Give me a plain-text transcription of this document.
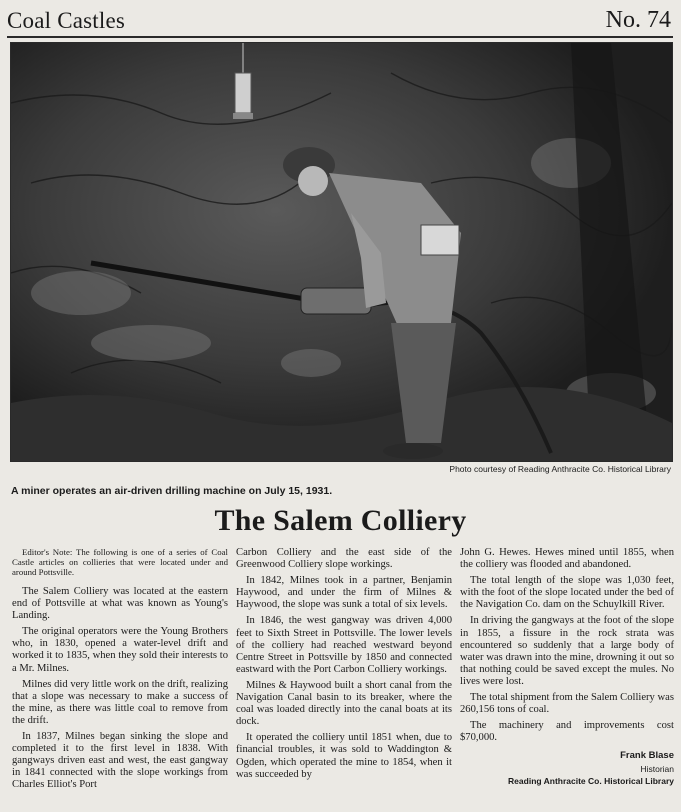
Coal Castles	No. 74
Photo courtesy of Reading Anthracite Co. Historical Library
A miner operates an air-driven drilling machine on July 15, 1931.
The Salem Colliery

Editor's Note: The following is one of a series of Coal Castle articles on collieries that were located under and around Pottsville.

The Salem Colliery was located at the eastern end of Pottsville at what was known as Young's Landing.

The original operators were the Young Brothers who, in 1830, opened a water-level drift and worked it to 1835, when they sold their interests to a Mr. Milnes.

Milnes did very little work on the drift, realizing that a slope was necessary to make a success of the mine, as there was little coal to remove from the drift.

In 1837, Milnes began sinking the slope and completed it to the first level in 1838. With gangways driven east and west, the east gangway in 1841 connected with the slope workings from Charles Elliot's Port

Carbon Colliery and the east side of the Greenwood Colliery slope workings.

In 1842, Milnes took in a partner, Benjamin Haywood, and under the firm of Milnes & Haywood, the slope was sunk a total of six levels.

In 1846, the west gangway was driven 4,000 feet to Sixth Street in Pottsville. The lower levels of the colliery had reached westward beyond Centre Street in Pottsville by 1850 and connected eastward with the Port Carbon Colliery workings.

Milnes & Haywood built a short canal from the Navigation Canal basin to its breaker, where the coal was loaded directly into the canal boats at its dock.

It operated the colliery until 1851 when, due to financial troubles, it was sold to Waddington & Ogden, which operated the mine to 1854, when it was succeeded by

John G. Hewes. Hewes mined until 1855, when the colliery was flooded and abandoned.

The total length of the slope was 1,030 feet, with the foot of the slope located under the bed of the Navigation Co. dam on the Schuylkill River.

In driving the gangways at the foot of the slope in 1855, a fissure in the rock strata was encountered so suddenly that a large body of water was drawn into the mine, drowning it out so that nothing could be saved except the mules. No lives were lost.

The total shipment from the Salem Colliery was 260,156 tons of coal.

The machinery and improvements cost $70,000.

Frank Blase
Historian
Reading Anthracite Co. Historical Library
